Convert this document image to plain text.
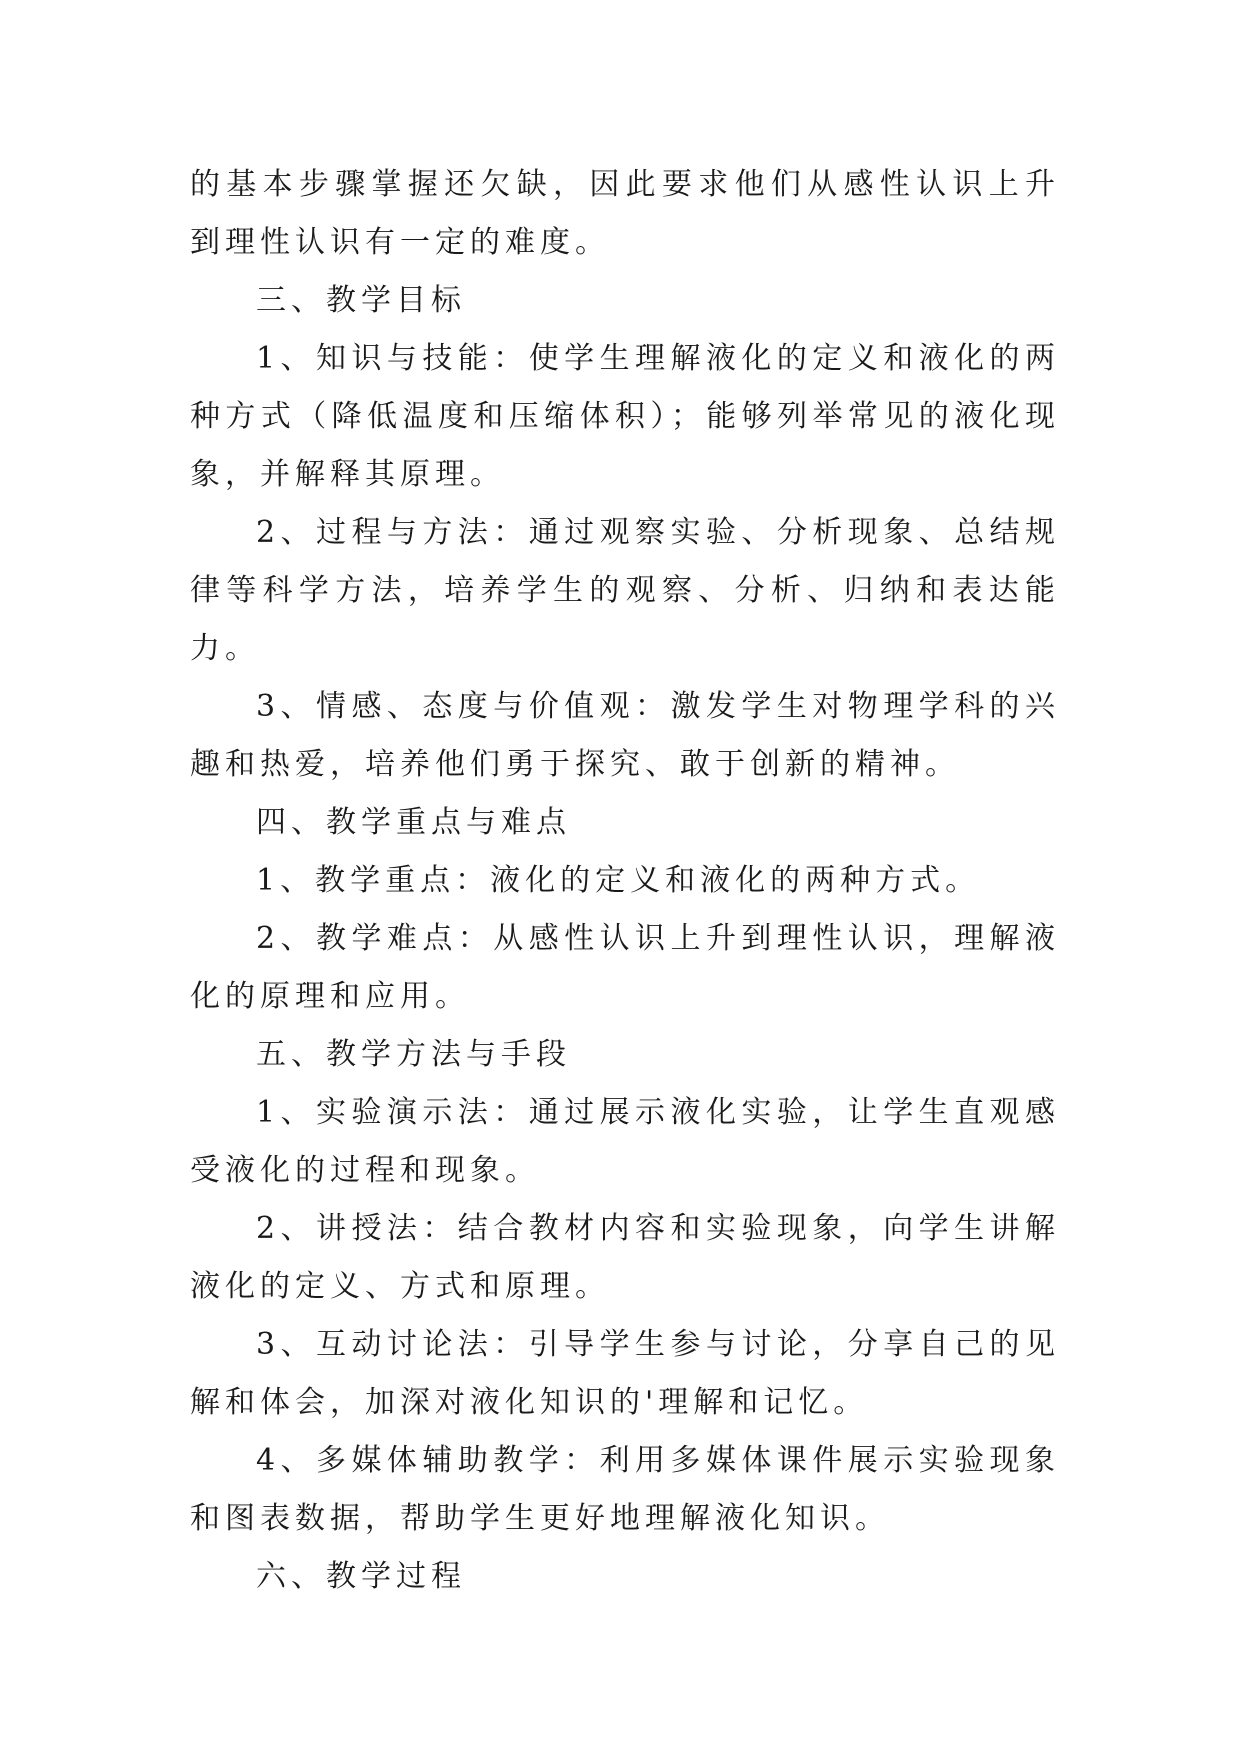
的基本步骤掌握还欠缺，因此要求他们从感性认识上升到理性认识有一定的难度。

三、教学目标

1、知识与技能：使学生理解液化的定义和液化的两种方式（降低温度和压缩体积）；能够列举常见的液化现象，并解释其原理。

2、过程与方法：通过观察实验、分析现象、总结规律等科学方法，培养学生的观察、分析、归纳和表达能力。

3、情感、态度与价值观：激发学生对物理学科的兴趣和热爱，培养他们勇于探究、敢于创新的精神。

四、教学重点与难点

1、教学重点：液化的定义和液化的两种方式。

2、教学难点：从感性认识上升到理性认识，理解液化的原理和应用。

五、教学方法与手段

1、实验演示法：通过展示液化实验，让学生直观感受液化的过程和现象。

2、讲授法：结合教材内容和实验现象，向学生讲解液化的定义、方式和原理。

3、互动讨论法：引导学生参与讨论，分享自己的见解和体会，加深对液化知识的'理解和记忆。

4、多媒体辅助教学：利用多媒体课件展示实验现象和图表数据，帮助学生更好地理解液化知识。

六、教学过程
